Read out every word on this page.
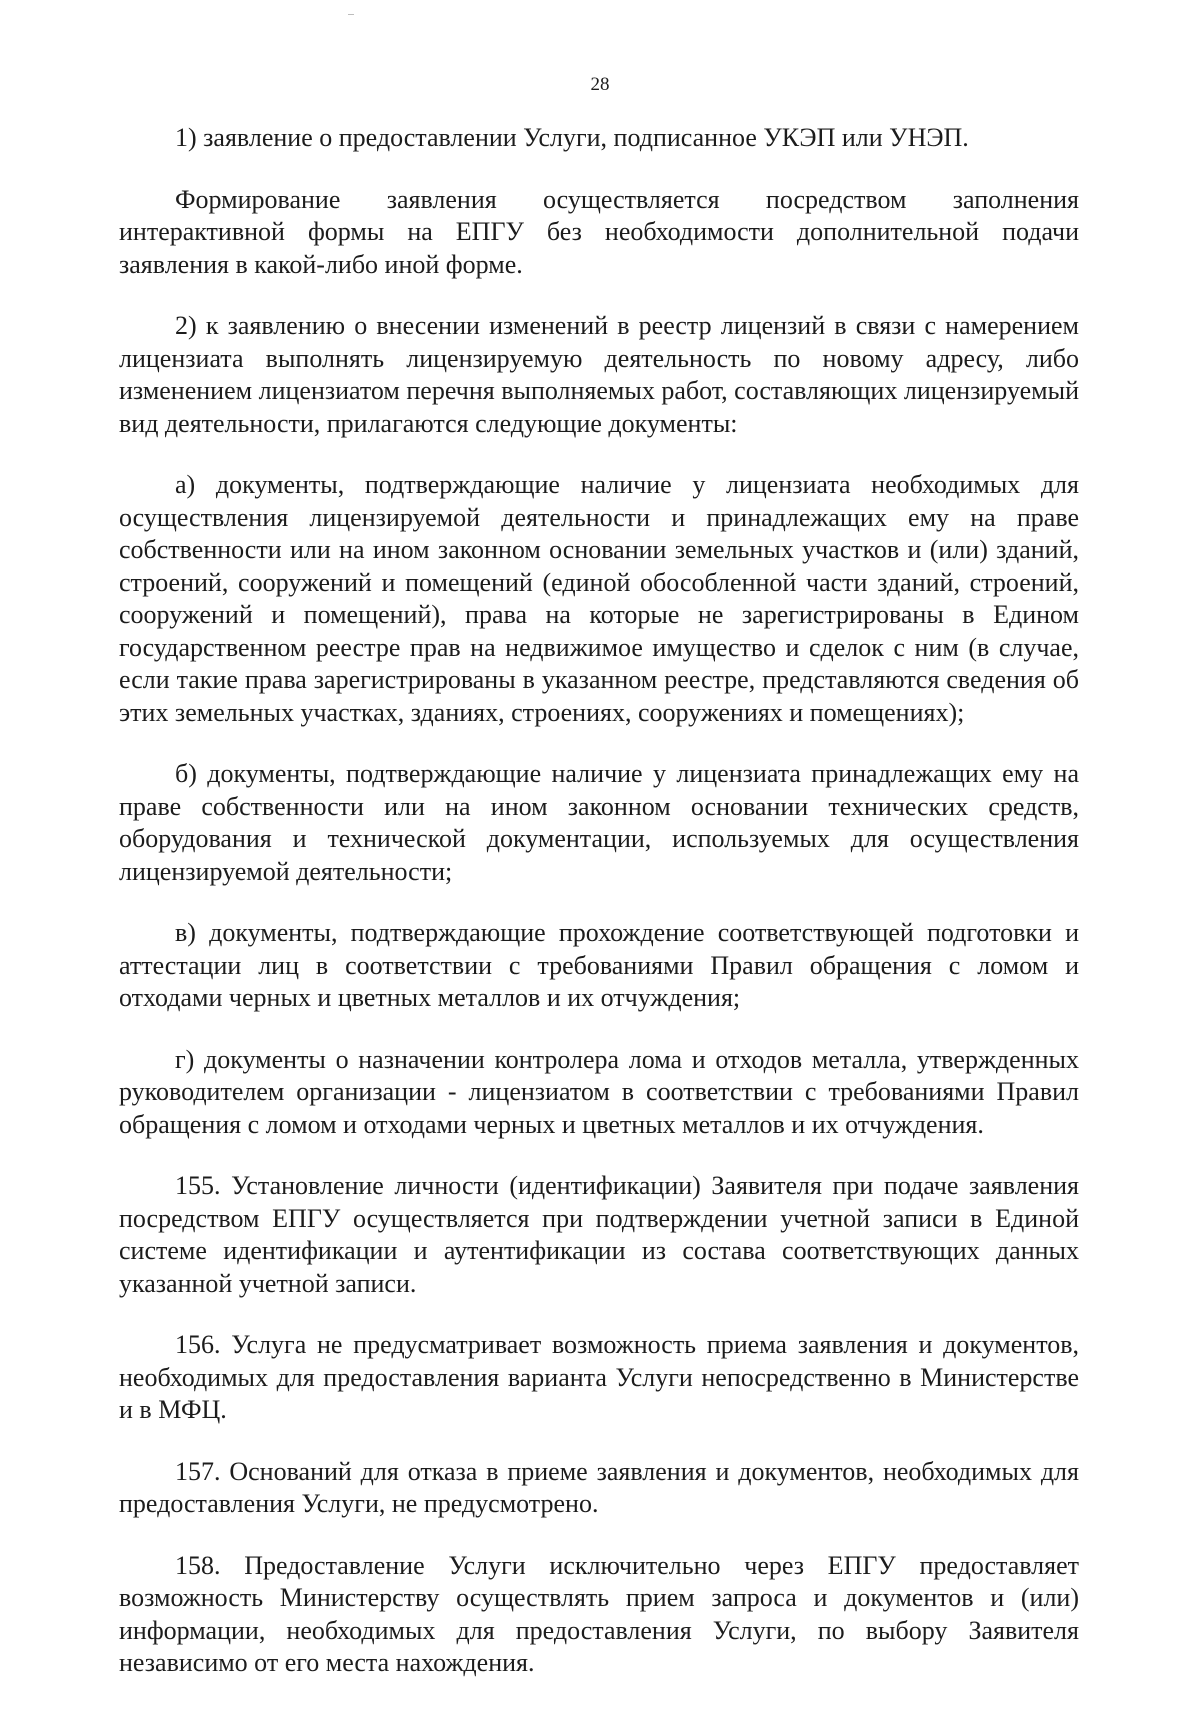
28

1) заявление о предоставлении Услуги, подписанное УКЭП или УНЭП.

Формирование заявления осуществляется посредством заполнения интерактивной формы на ЕПГУ без необходимости дополнительной подачи заявления в какой-либо иной форме.

2) к заявлению о внесении изменений в реестр лицензий в связи с намерением лицензиата выполнять лицензируемую деятельность по новому адресу, либо изменением лицензиатом перечня выполняемых работ, составляющих лицензируемый вид деятельности, прилагаются следующие документы:

а) документы, подтверждающие наличие у лицензиата необходимых для осуществления лицензируемой деятельности и принадлежащих ему на праве собственности или на ином законном основании земельных участков и (или) зданий, строений, сооружений и помещений (единой обособленной части зданий, строений, сооружений и помещений), права на которые не зарегистрированы в Едином государственном реестре прав на недвижимое имущество и сделок с ним (в случае, если такие права зарегистрированы в указанном реестре, представляются сведения об этих земельных участках, зданиях, строениях, сооружениях и помещениях);

б) документы, подтверждающие наличие у лицензиата принадлежащих ему на праве собственности или на ином законном основании технических средств, оборудования и технической документации, используемых для осуществления лицензируемой деятельности;

в) документы, подтверждающие прохождение соответствующей подготовки и аттестации лиц в соответствии с требованиями Правил обращения с ломом и отходами черных и цветных металлов и их отчуждения;

г) документы о назначении контролера лома и отходов металла, утвержденных руководителем организации - лицензиатом в соответствии с требованиями Правил обращения с ломом и отходами черных и цветных металлов и их отчуждения.

155. Установление личности (идентификации) Заявителя при подаче заявления посредством ЕПГУ осуществляется при подтверждении учетной записи в Единой системе идентификации и аутентификации из состава соответствующих данных указанной учетной записи.

156. Услуга не предусматривает возможность приема заявления и документов, необходимых для предоставления варианта Услуги непосредственно в Министерстве и в МФЦ.

157. Оснований для отказа в приеме заявления и документов, необходимых для предоставления Услуги, не предусмотрено.

158. Предоставление Услуги исключительно через ЕПГУ предоставляет возможность Министерству осуществлять прием запроса и документов и (или) информации, необходимых для предоставления Услуги, по выбору Заявителя независимо от его места нахождения.
